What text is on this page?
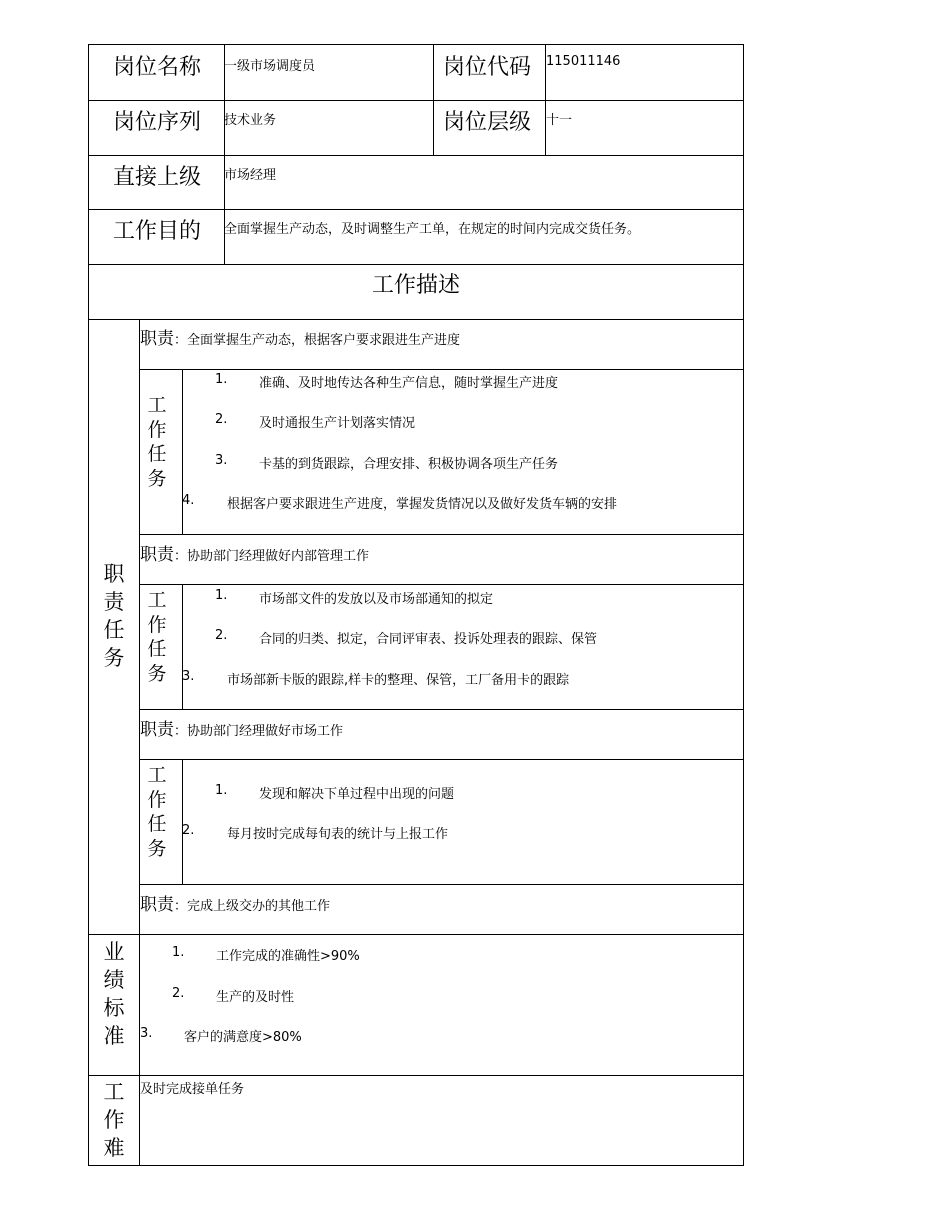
岗位名称 一级市场调度员	岗位代码 115011146
岗位序列 技术业务	岗位层级 十一
直接上级 市场经理
工作目的 全面掌握生产动态，及时调整生产工单，在规定的时间内完成交货任务。
工作描述
职责任务
职责：全面掌握生产动态，根据客户要求跟进生产进度
工作任务
1. 准确、及时地传达各种生产信息，随时掌握生产进度
2. 及时通报生产计划落实情况
3. 卡基的到货跟踪，合理安排、积极协调各项生产任务
4.	根据客户要求跟进生产进度，掌握发货情况以及做好发货车辆的安排
职责：协助部门经理做好内部管理工作
工作任务
1. 市场部文件的发放以及市场部通知的拟定
2. 合同的归类、拟定，合同评审表、投诉处理表的跟踪、保管
3.	市场部新卡版的跟踪,样卡的整理、保管，工厂备用卡的跟踪
职责：协助部门经理做好市场工作
工作任务
1. 发现和解决下单过程中出现的问题
2.	每月按时完成每旬表的统计与上报工作
职责：完成上级交办的其他工作
业绩标准
1. 工作完成的准确性>90%
2. 生产的及时性
3. 客户的满意度>80%
工作难
及时完成接单任务
